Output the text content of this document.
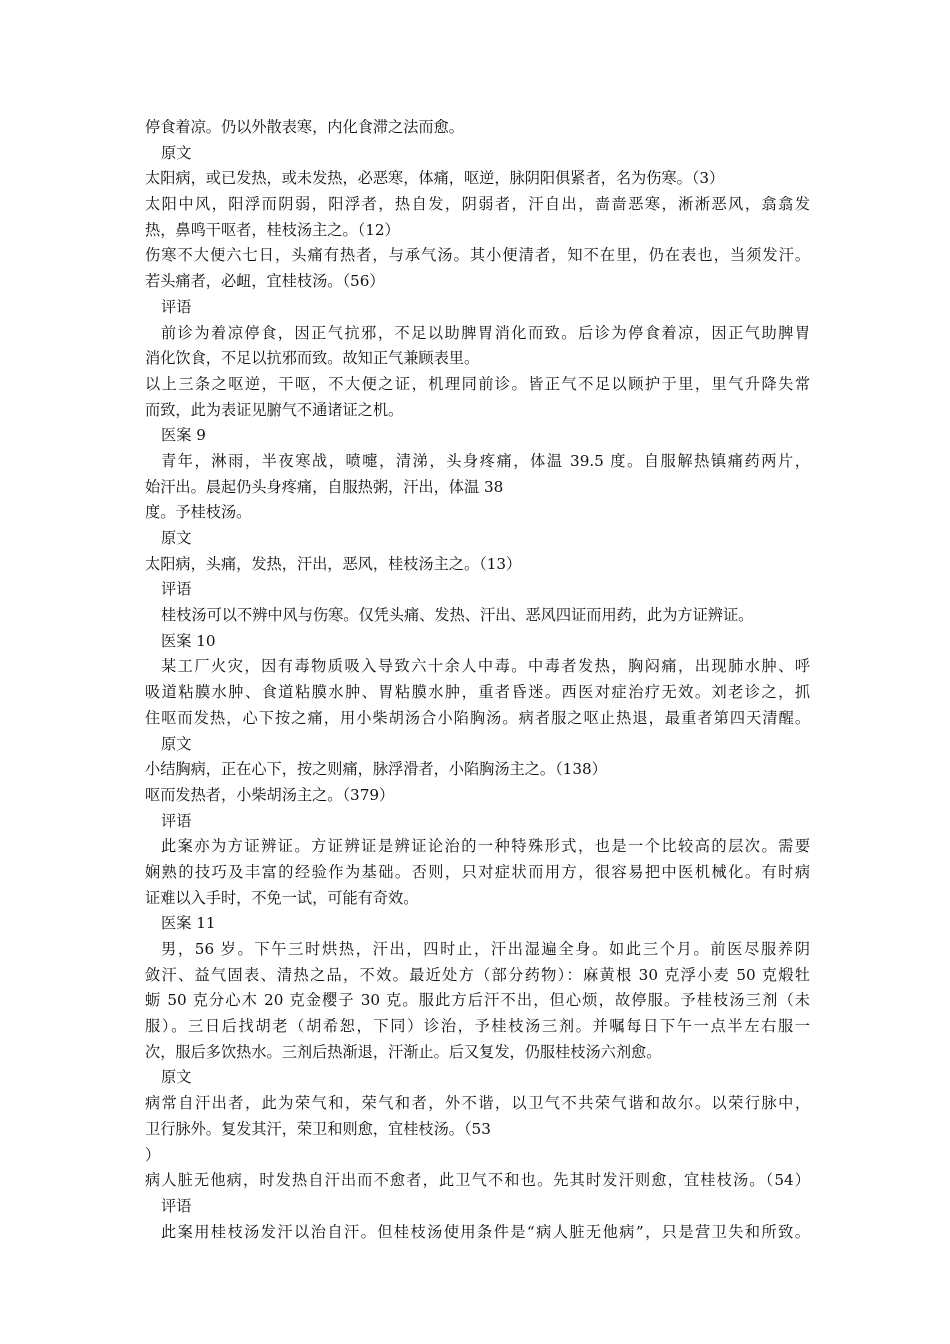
停食着凉。仍以外散表寒，内化食滞之法而愈。
原文
太阳病，或已发热，或未发热，必恶寒，体痛，呕逆，脉阴阳俱紧者，名为伤寒。（3）
太阳中风，阳浮而阴弱，阳浮者，热自发，阴弱者，汗自出，啬啬恶寒，淅淅恶风，翕翕发
热，鼻鸣干呕者，桂枝汤主之。（12）
伤寒不大便六七日，头痛有热者，与承气汤。其小便清者，知不在里，仍在表也，当须发汗。
若头痛者，必衄，宜桂枝汤。（56）
评语
前诊为着凉停食，因正气抗邪，不足以助脾胃消化而致。后诊为停食着凉，因正气助脾胃
消化饮食，不足以抗邪而致。故知正气兼顾表里。
以上三条之呕逆，干呕，不大便之证，机理同前诊。皆正气不足以顾护于里，里气升降失常
而致，此为表证见腑气不通诸证之机。
医案 9
青年，淋雨，半夜寒战，喷嚏，清涕，头身疼痛，体温 39.5 度。自服解热镇痛药两片，
始汗出。晨起仍头身疼痛，自服热粥，汗出，体温 38
度。予桂枝汤。
原文
太阳病，头痛，发热，汗出，恶风，桂枝汤主之。（13）
评语
桂枝汤可以不辨中风与伤寒。仅凭头痛、发热、汗出、恶风四证而用药，此为方证辨证。
医案 10
某工厂火灾，因有毒物质吸入导致六十余人中毒。中毒者发热，胸闷痛，出现肺水肿、呼
吸道粘膜水肿、食道粘膜水肿、胃粘膜水肿，重者昏迷。西医对症治疗无效。刘老诊之，抓
住呕而发热，心下按之痛，用小柴胡汤合小陷胸汤。病者服之呕止热退，最重者第四天清醒。
原文
小结胸病，正在心下，按之则痛，脉浮滑者，小陷胸汤主之。（138）
呕而发热者，小柴胡汤主之。（379）
评语
此案亦为方证辨证。方证辨证是辨证论治的一种特殊形式，也是一个比较高的层次。需要
娴熟的技巧及丰富的经验作为基础。否则，只对症状而用方，很容易把中医机械化。有时病
证难以入手时，不免一试，可能有奇效。
医案 11
男，56 岁。下午三时烘热，汗出，四时止，汗出湿遍全身。如此三个月。前医尽服养阴
敛汗、益气固表、清热之品，不效。最近处方（部分药物）：麻黄根 30 克浮小麦 50 克煅牡
蛎 50 克分心木 20 克金樱子 30 克。服此方后汗不出，但心烦，故停服。予桂枝汤三剂（未
服）。三日后找胡老（胡希恕，下同）诊治，予桂枝汤三剂。并嘱每日下午一点半左右服一
次，服后多饮热水。三剂后热渐退，汗渐止。后又复发，仍服桂枝汤六剂愈。
原文
病常自汗出者，此为荣气和，荣气和者，外不谐，以卫气不共荣气谐和故尔。以荣行脉中，
卫行脉外。复发其汗，荣卫和则愈，宜桂枝汤。（53
）
病人脏无他病，时发热自汗出而不愈者，此卫气不和也。先其时发汗则愈，宜桂枝汤。（54）
评语
此案用桂枝汤发汗以治自汗。但桂枝汤使用条件是“病人脏无他病”，只是营卫失和所致。
